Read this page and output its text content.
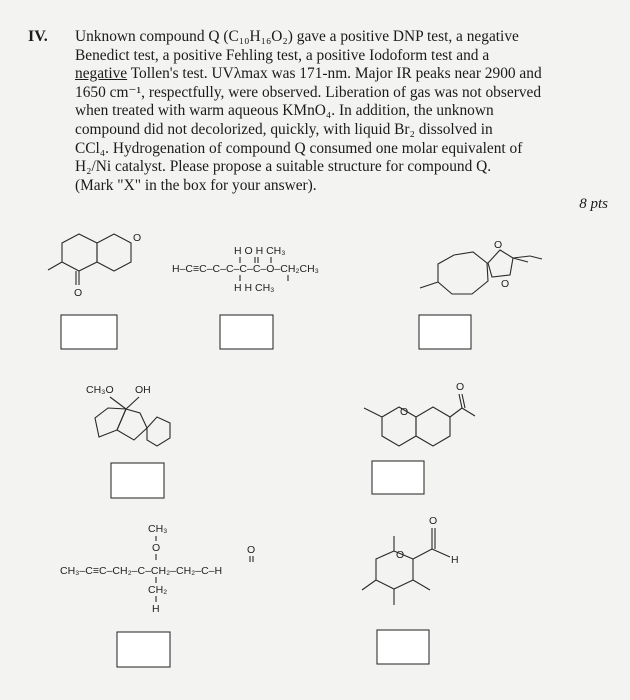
IV. Unknown compound Q (C₁₀H₁₆O₂) gave a positive DNP test, a negative

Benedict test, a positive Fehling test, a positive Iodoform test and a

negative Tollen's test. UVλmax was 171-nm. Major IR peaks near 2900 and

1650 cm⁻¹, respectfully, were observed. Liberation of gas was not observed

when treated with warm aqueous KMnO₄. In addition, the unknown

compound did not decolorized, quickly, with liquid Br₂ dissolved in

CCl₄. Hydrogenation of compound Q consumed one molar equivalent of

H₂/Ni catalyst. Please propose a suitable structure for compound Q.

(Mark "X" in the box for your answer).

8 pts
O
O
H O H CH₃
H–C≡C–C–C–C–C–O–CH₂CH₃
H H CH₃
O
O
CH₃O OH	O
O
CH₃
O	O
CH₃–C≡C–CH₂–C–CH₂–CH₂–C–H
CH₂
H
O
O
H
